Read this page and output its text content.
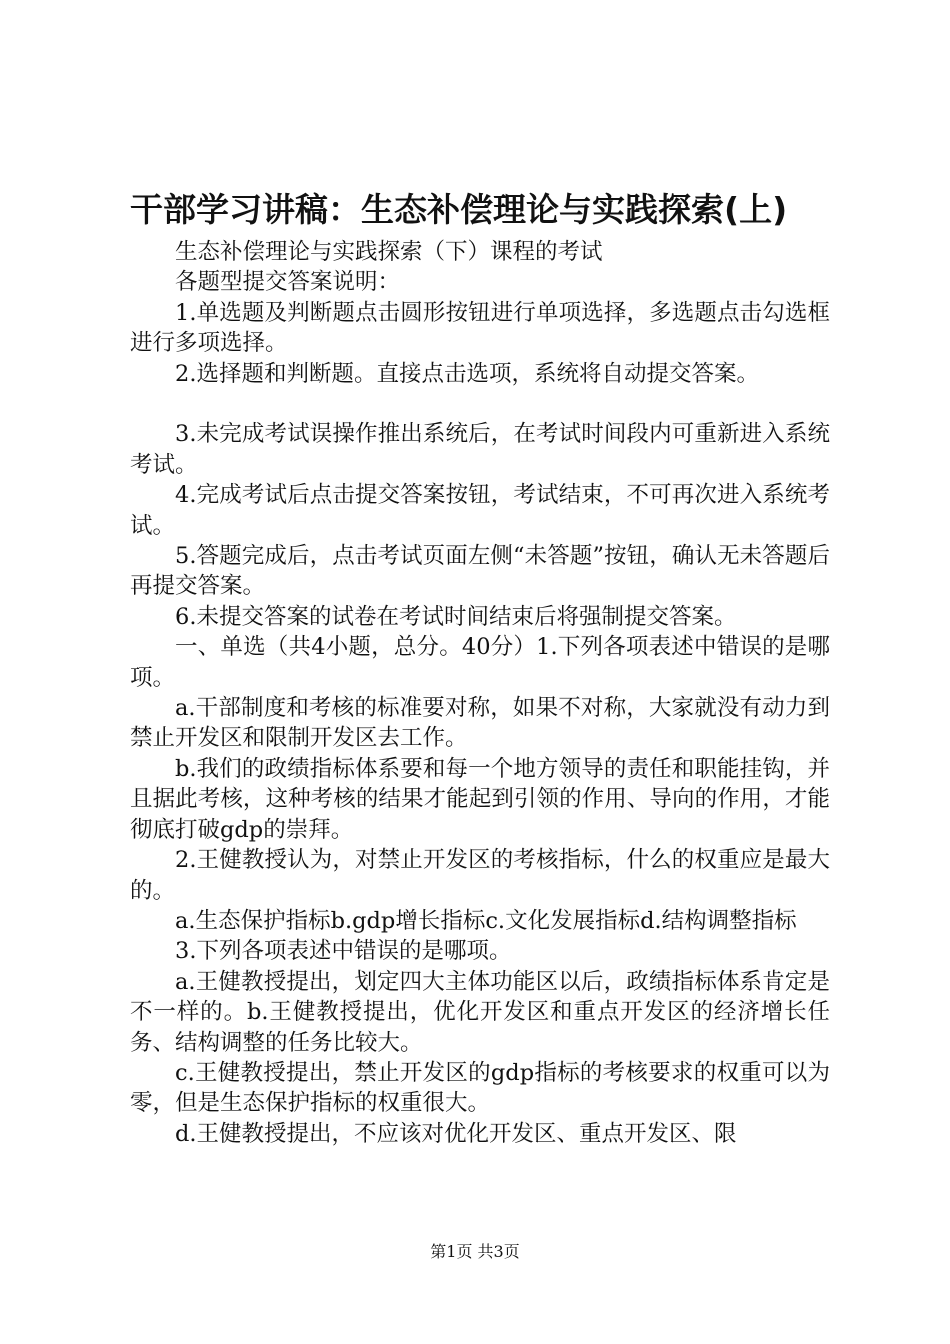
干部学习讲稿：生态补偿理论与实践探索(上)

生态补偿理论与实践探索（下）课程的考试

各题型提交答案说明：

1.单选题及判断题点击圆形按钮进行单项选择，多选题点击勾选框进行多项选择。

2.选择题和判断题。直接点击选项，系统将自动提交答案。

3.未完成考试误操作推出系统后，在考试时间段内可重新进入系统考试。

4.完成考试后点击提交答案按钮，考试结束，不可再次进入系统考试。

5.答题完成后，点击考试页面左侧“未答题”按钮，确认无未答题后再提交答案。

6.未提交答案的试卷在考试时间结束后将强制提交答案。

一、单选（共4小题，总分。40分）1.下列各项表述中错误的是哪项。

a.干部制度和考核的标准要对称，如果不对称，大家就没有动力到禁止开发区和限制开发区去工作。

b.我们的政绩指标体系要和每一个地方领导的责任和职能挂钩，并且据此考核，这种考核的结果才能起到引领的作用、导向的作用，才能彻底打破gdp的崇拜。

2.王健教授认为，对禁止开发区的考核指标，什么的权重应是最大的。

a.生态保护指标b.gdp增长指标c.文化发展指标d.结构调整指标

3.下列各项表述中错误的是哪项。

a.王健教授提出，划定四大主体功能区以后，政绩指标体系肯定是不一样的。b.王健教授提出，优化开发区和重点开发区的经济增长任务、结构调整的任务比较大。

c.王健教授提出，禁止开发区的gdp指标的考核要求的权重可以为零，但是生态保护指标的权重很大。

d.王健教授提出，不应该对优化开发区、重点开发区、限

第1页 共3页
